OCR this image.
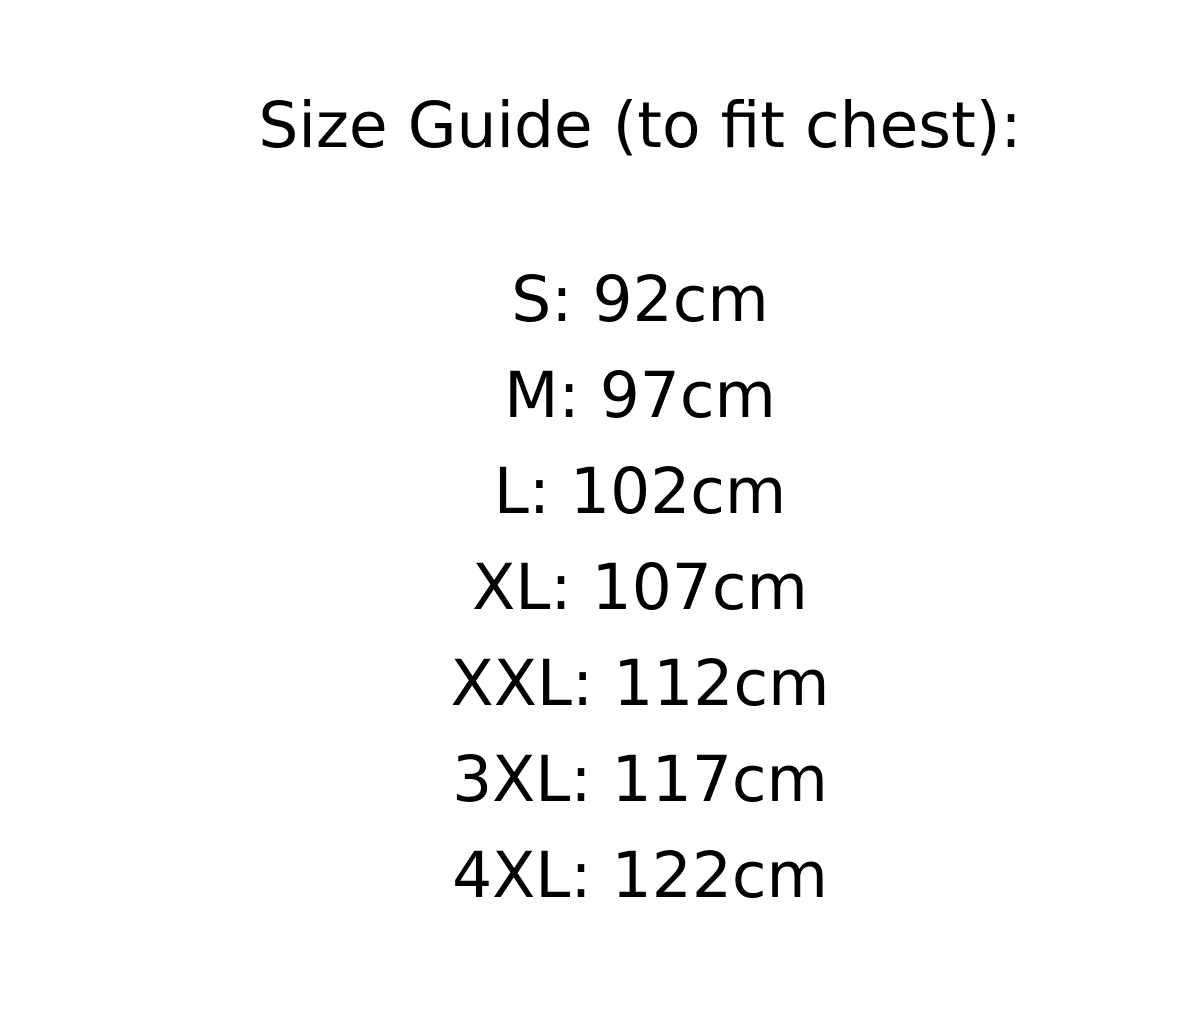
Size Guide (to fit chest):
S: 92cm
M: 97cm
L: 102cm
XL: 107cm
XXL: 112cm
3XL: 117cm
4XL: 122cm
